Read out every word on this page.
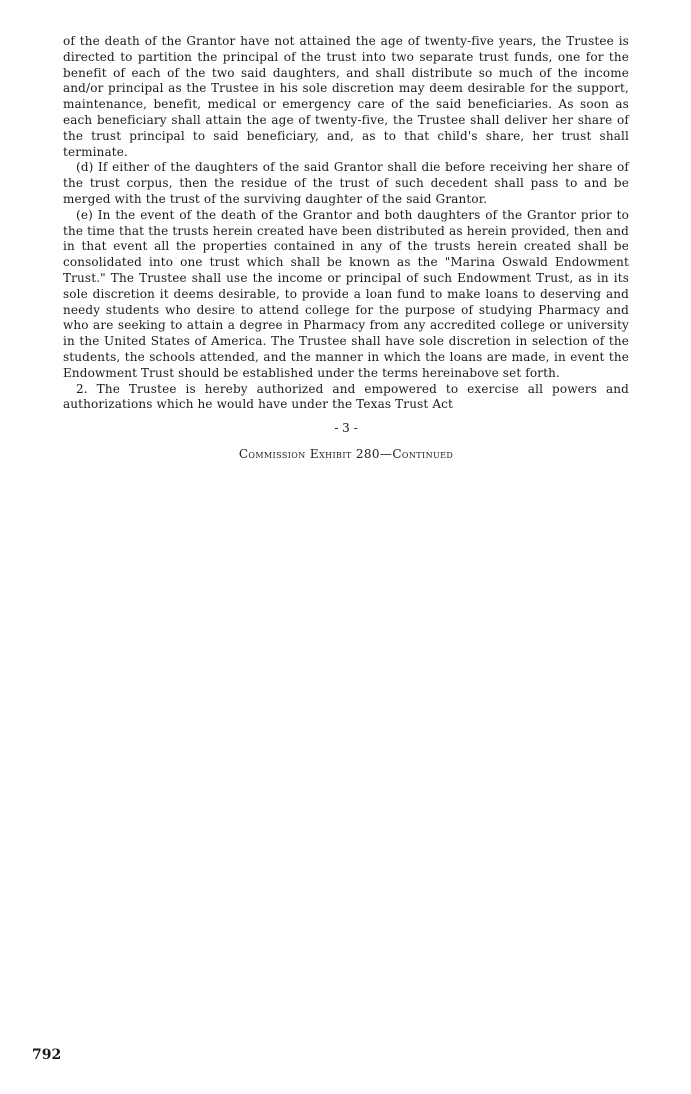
of the death of the Grantor have not attained the age of twenty-five years, the Trustee is directed to partition the principal of the trust into two separate trust funds, one for the benefit of each of the two said daughters, and shall distribute so much of the income and/or principal as the Trustee in his sole discretion may deem desirable for the support, maintenance, benefit, medical or emergency care of the said beneficiaries. As soon as each beneficiary shall attain the age of twenty-five, the Trustee shall deliver her share of the trust principal to said beneficiary, and, as to that child's share, her trust shall terminate.

(d) If either of the daughters of the said Grantor shall die before receiving her share of the trust corpus, then the residue of the trust of such decedent shall pass to and be merged with the trust of the surviving daughter of the said Grantor.

(e) In the event of the death of the Grantor and both daughters of the Grantor prior to the time that the trusts herein created have been distributed as herein provided, then and in that event all the properties contained in any of the trusts herein created shall be consolidated into one trust which shall be known as the "Marina Oswald Endowment Trust." The Trustee shall use the income or principal of such Endowment Trust, as in its sole discretion it deems desirable, to provide a loan fund to make loans to deserving and needy students who desire to attend college for the purpose of studying Pharmacy and who are seeking to attain a degree in Pharmacy from any accredited college or university in the United States of America. The Trustee shall have sole discretion in selection of the students, the schools attended, and the manner in which the loans are made, in event the Endowment Trust should be established under the terms hereinabove set forth.

2. The Trustee is hereby authorized and empowered to exercise all powers and authorizations which he would have under the Texas Trust Act

- 3 -
Commission Exhibit 280—Continued
792
